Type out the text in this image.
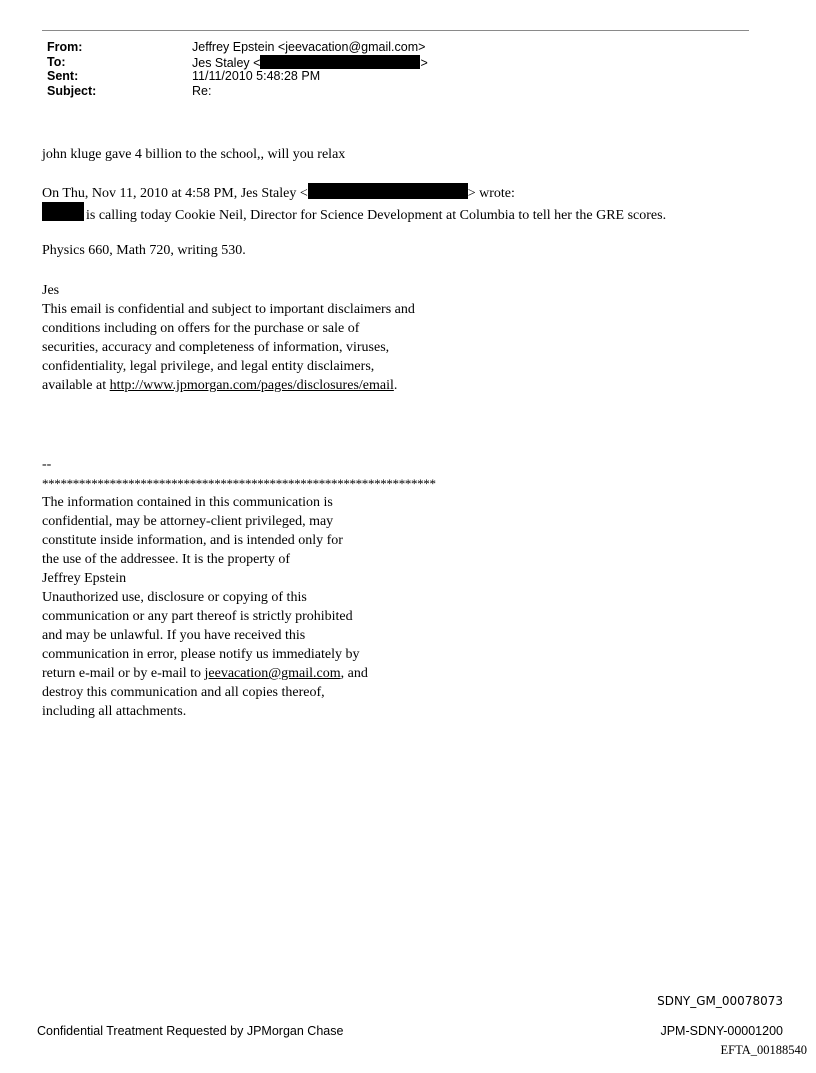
From:	Jeffrey Epstein <jeevacation@gmail.com>
To:	Jes Staley <	>
Sent:	11/11/2010 5:48:28 PM
Subject:	Re:

john kluge gave 4 billion to the school,, will you relax

On Thu, Nov 11, 2010 at 4:58 PM, Jes Staley <	> wrote:

is calling today Cookie Neil, Director for Science Development at Columbia to tell her the GRE scores.

Physics 660, Math 720, writing 530.

Jes
This email is confidential and subject to important disclaimers and
conditions including on offers for the purchase or sale of
securities, accuracy and completeness of information, viruses,
confidentiality, legal privilege, and legal entity disclaimers,
available at http://www.jpmorgan.com/pages/disclosures/email.
--
****************************************************************
The information contained in this communication is
confidential, may be attorney-client privileged, may
constitute inside information, and is intended only for
the use of the addressee. It is the property of
Jeffrey Epstein
Unauthorized use, disclosure or copying of this
communication or any part thereof is strictly prohibited
and may be unlawful. If you have received this
communication in error, please notify us immediately by
return e-mail or by e-mail to jeevacation@gmail.com, and
destroy this communication and all copies thereof,
including all attachments.
SDNY_GM_00078073
Confidential Treatment Requested by JPMorgan Chase	JPM-SDNY-00001200
EFTA_00188540
